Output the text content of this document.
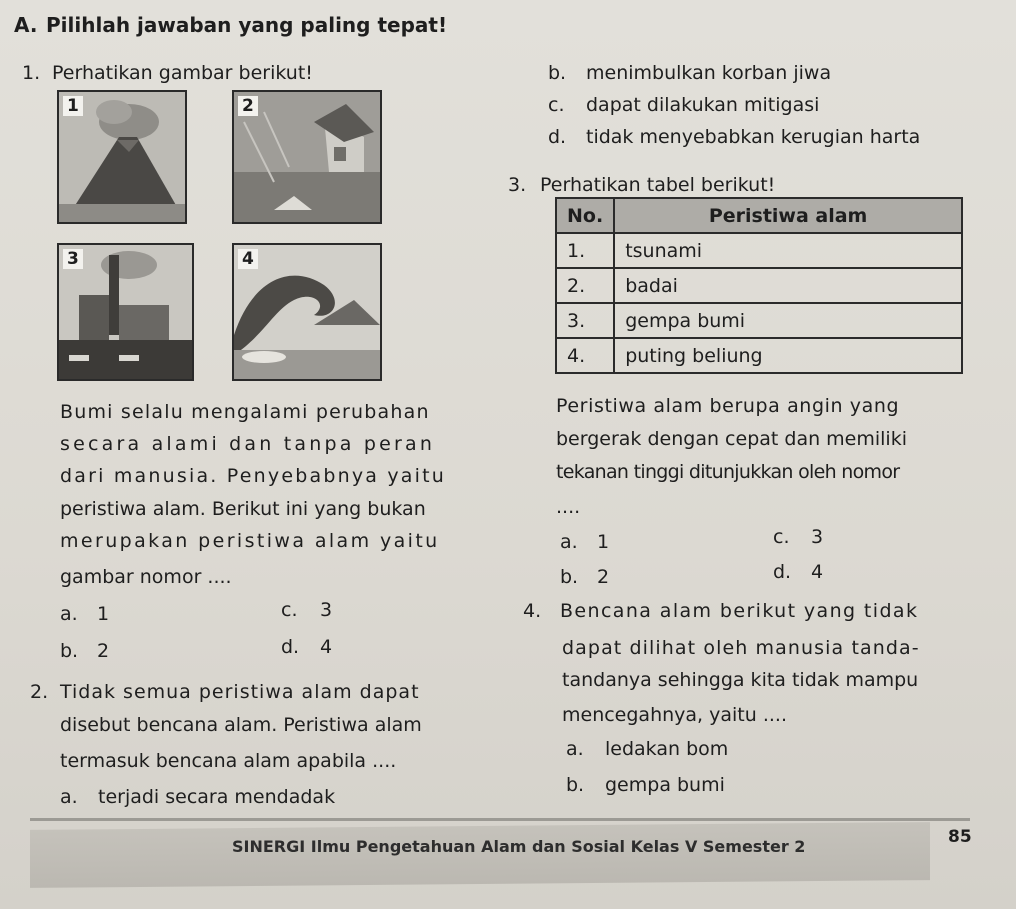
A. Pilihlah jawaban yang paling tepat!
1. Perhatikan gambar berikut!
1	2
3	4
Bumi selalu mengalami perubahan
secara alami dan tanpa peran
dari manusia. Penyebabnya yaitu
peristiwa alam. Berikut ini yang bukan
merupakan peristiwa alam yaitu
gambar nomor ....
a. 1	c. 3
b. 2	d. 4
2. Tidak semua peristiwa alam dapat
disebut bencana alam. Peristiwa alam
termasuk bencana alam apabila ....
a. terjadi secara mendadak
b. menimbulkan korban jiwa
c. dapat dilakukan mitigasi
d. tidak menyebabkan kerugian harta
3. Perhatikan tabel berikut!
No.	Peristiwa alam
1.	tsunami
2.	badai
3.	gempa bumi
4.	puting beliung
Peristiwa alam berupa angin yang
bergerak dengan cepat dan memiliki
tekanan tinggi ditunjukkan oleh nomor
....
a. 1	c. 3
b. 2	d. 4
4. Bencana alam berikut yang tidak
dapat dilihat oleh manusia tanda-
tandanya sehingga kita tidak mampu
mencegahnya, yaitu ....
a. ledakan bom
b. gempa bumi
SINERGI Ilmu Pengetahuan Alam dan Sosial Kelas V Semester 2	85
